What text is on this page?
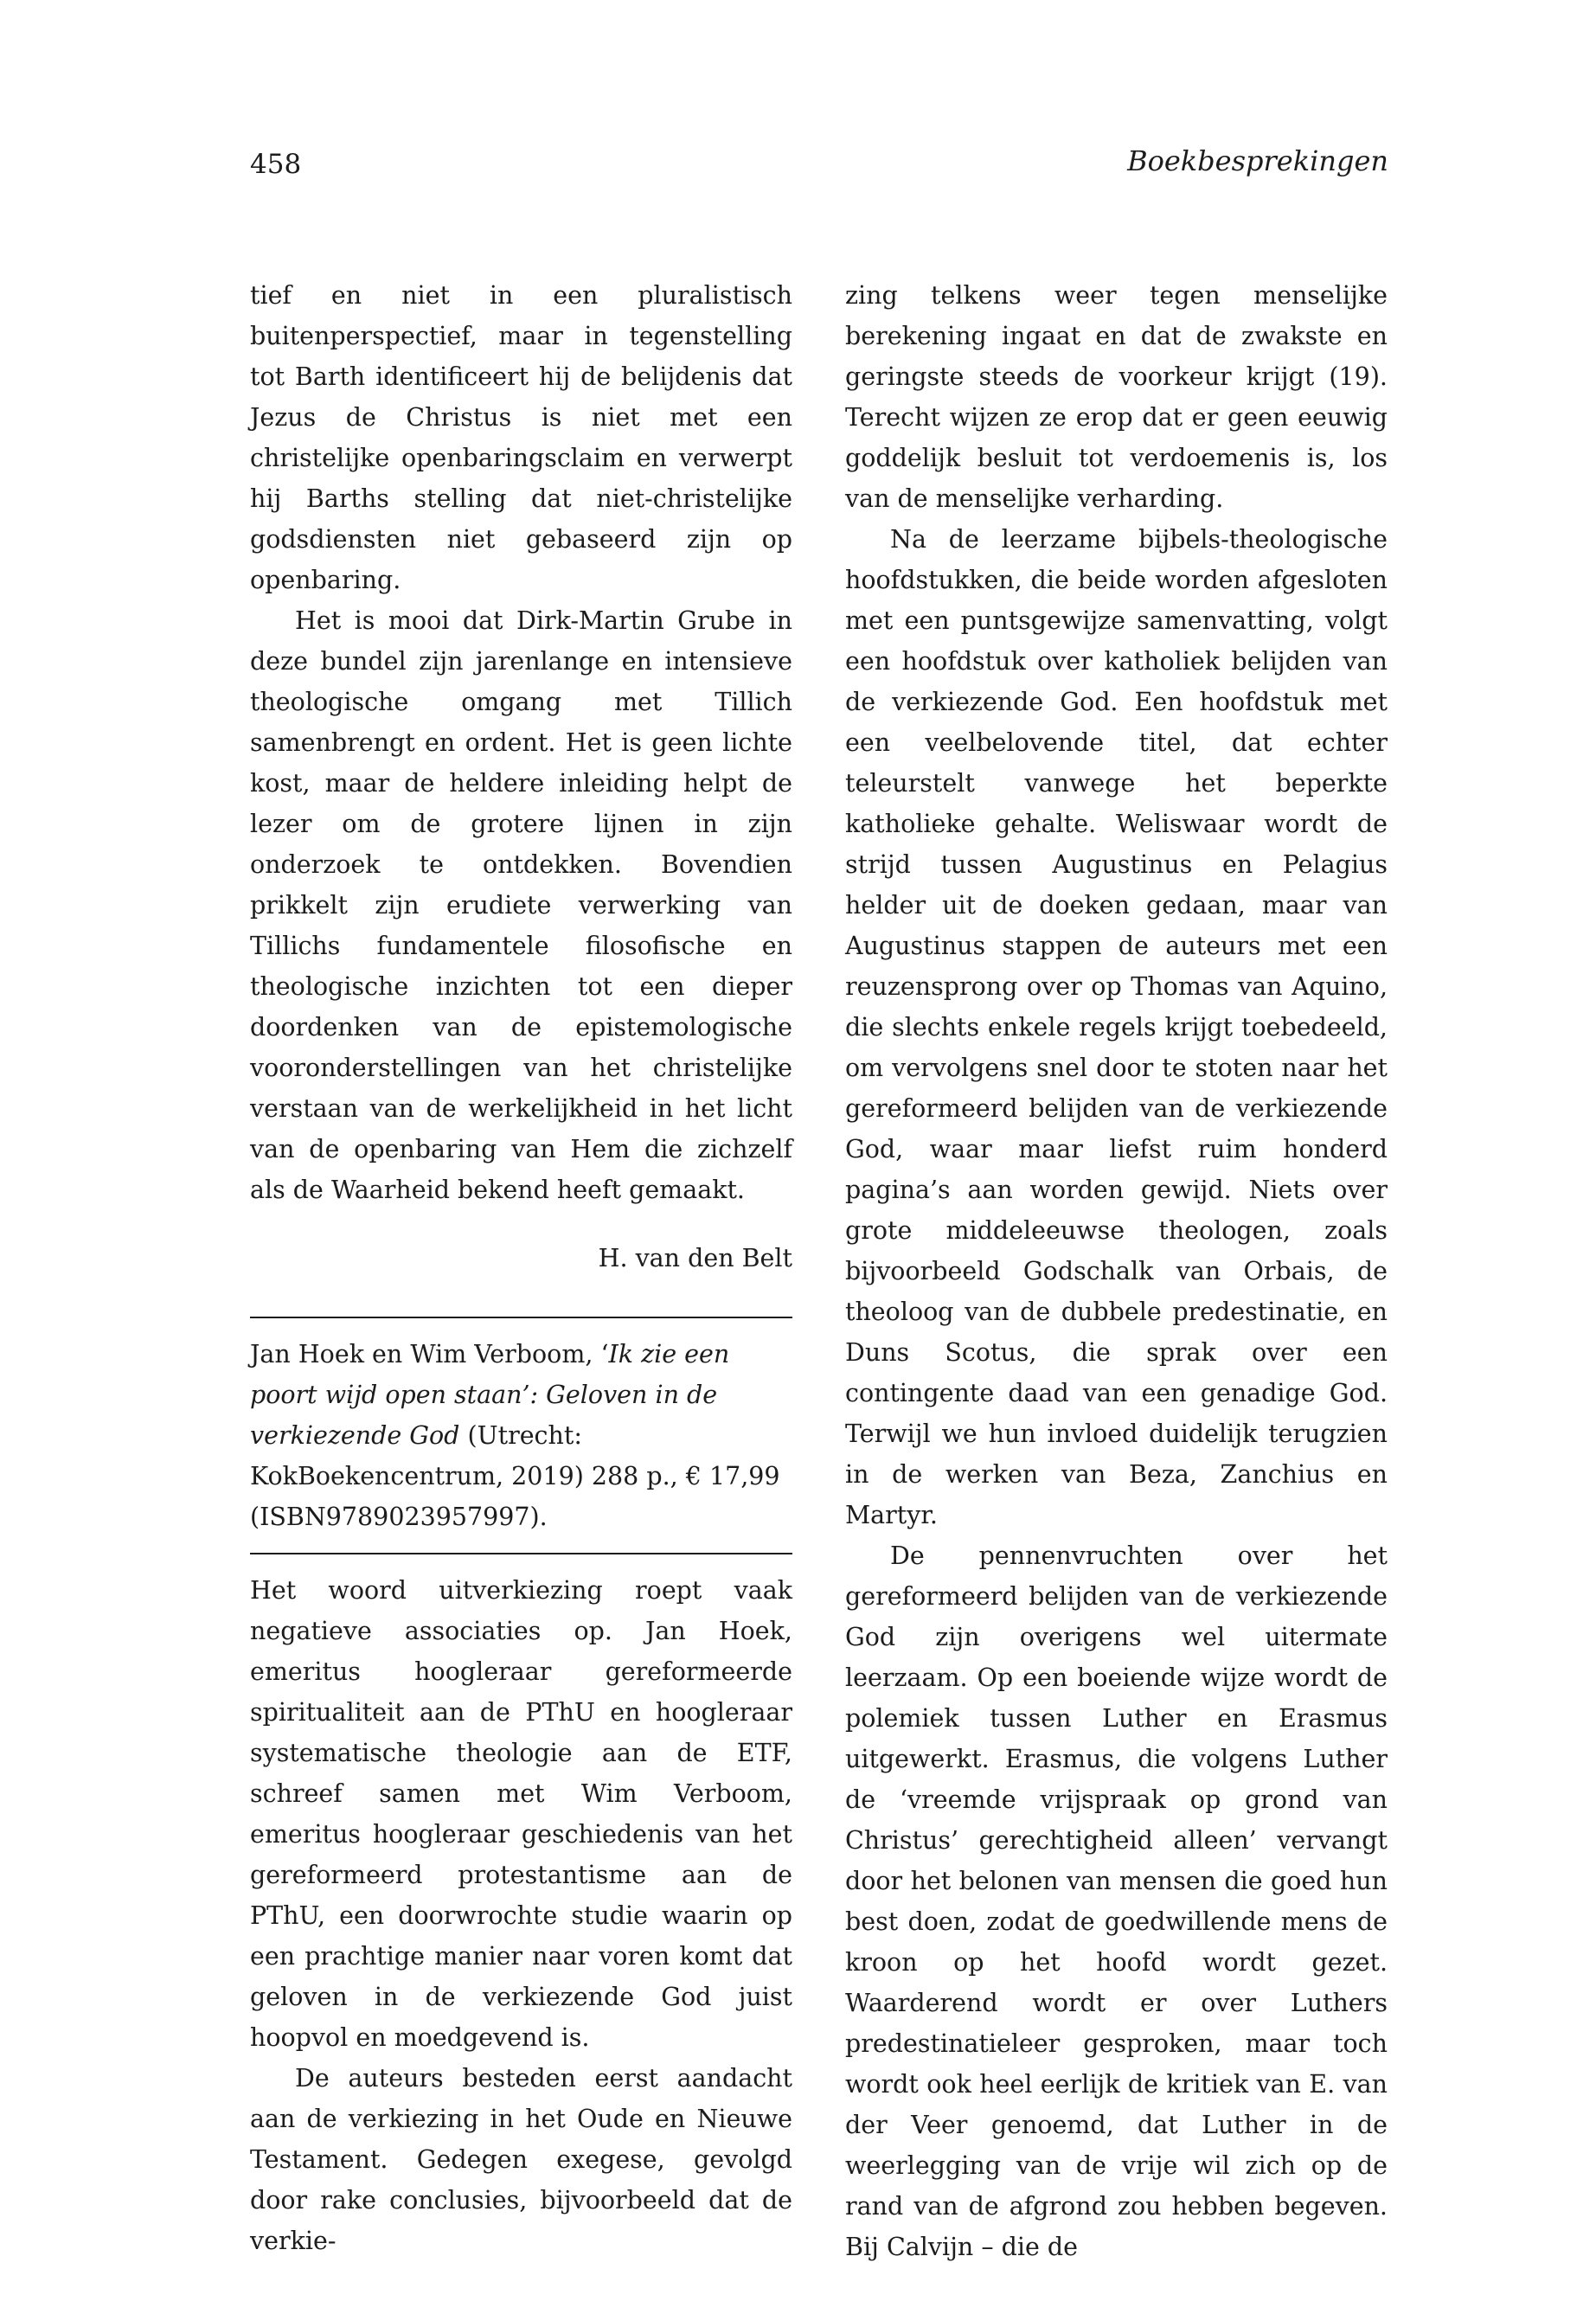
458	Boekbesprekingen

tief en niet in een pluralistisch buitenperspectief, maar in tegenstelling tot Barth identificeert hij de belijdenis dat Jezus de Christus is niet met een christelijke openbaringsclaim en verwerpt hij Barths stelling dat niet-christelijke godsdiensten niet gebaseerd zijn op openbaring.

Het is mooi dat Dirk-Martin Grube in deze bundel zijn jarenlange en intensieve theologische omgang met Tillich samenbrengt en ordent. Het is geen lichte kost, maar de heldere inleiding helpt de lezer om de grotere lijnen in zijn onderzoek te ontdekken. Bovendien prikkelt zijn erudiete verwerking van Tillichs fundamentele filosofische en theologische inzichten tot een dieper doordenken van de epistemologische vooronderstellingen van het christelijke verstaan van de werkelijkheid in het licht van de openbaring van Hem die zichzelf als de Waarheid bekend heeft gemaakt.

H. van den Belt

Jan Hoek en Wim Verboom, ‘Ik zie een poort wijd open staan’: Geloven in de verkiezende God (Utrecht: KokBoekencentrum, 2019) 288 p., € 17,99 (ISBN9789023957997).

Het woord uitverkiezing roept vaak negatieve associaties op. Jan Hoek, emeritus hoogleraar gereformeerde spiritualiteit aan de PThU en hoogleraar systematische theologie aan de ETF, schreef samen met Wim Verboom, emeritus hoogleraar geschiedenis van het gereformeerd protestantisme aan de PThU, een doorwrochte studie waarin op een prachtige manier naar voren komt dat geloven in de verkiezende God juist hoopvol en moedgevend is.

De auteurs besteden eerst aandacht aan de verkiezing in het Oude en Nieuwe Testament. Gedegen exegese, gevolgd door rake conclusies, bijvoorbeeld dat de verkie-

zing telkens weer tegen menselijke berekening ingaat en dat de zwakste en geringste steeds de voorkeur krijgt (19). Terecht wijzen ze erop dat er geen eeuwig goddelijk besluit tot verdoemenis is, los van de menselijke verharding.

Na de leerzame bijbels-theologische hoofdstukken, die beide worden afgesloten met een puntsgewijze samenvatting, volgt een hoofdstuk over katholiek belijden van de verkiezende God. Een hoofdstuk met een veelbelovende titel, dat echter teleurstelt vanwege het beperkte katholieke gehalte. Weliswaar wordt de strijd tussen Augustinus en Pelagius helder uit de doeken gedaan, maar van Augustinus stappen de auteurs met een reuzensprong over op Thomas van Aquino, die slechts enkele regels krijgt toebedeeld, om vervolgens snel door te stoten naar het gereformeerd belijden van de verkiezende God, waar maar liefst ruim honderd pagina’s aan worden gewijd. Niets over grote middeleeuwse theologen, zoals bijvoorbeeld Godschalk van Orbais, de theoloog van de dubbele predestinatie, en Duns Scotus, die sprak over een contingente daad van een genadige God. Terwijl we hun invloed duidelijk terugzien in de werken van Beza, Zanchius en Martyr.

De pennenvruchten over het gereformeerd belijden van de verkiezende God zijn overigens wel uitermate leerzaam. Op een boeiende wijze wordt de polemiek tussen Luther en Erasmus uitgewerkt. Erasmus, die volgens Luther de ‘vreemde vrijspraak op grond van Christus’ gerechtigheid alleen’ vervangt door het belonen van mensen die goed hun best doen, zodat de goedwillende mens de kroon op het hoofd wordt gezet. Waarderend wordt er over Luthers predestinatieleer gesproken, maar toch wordt ook heel eerlijk de kritiek van E. van der Veer genoemd, dat Luther in de weerlegging van de vrije wil zich op de rand van de afgrond zou hebben begeven. Bij Calvijn – die de
